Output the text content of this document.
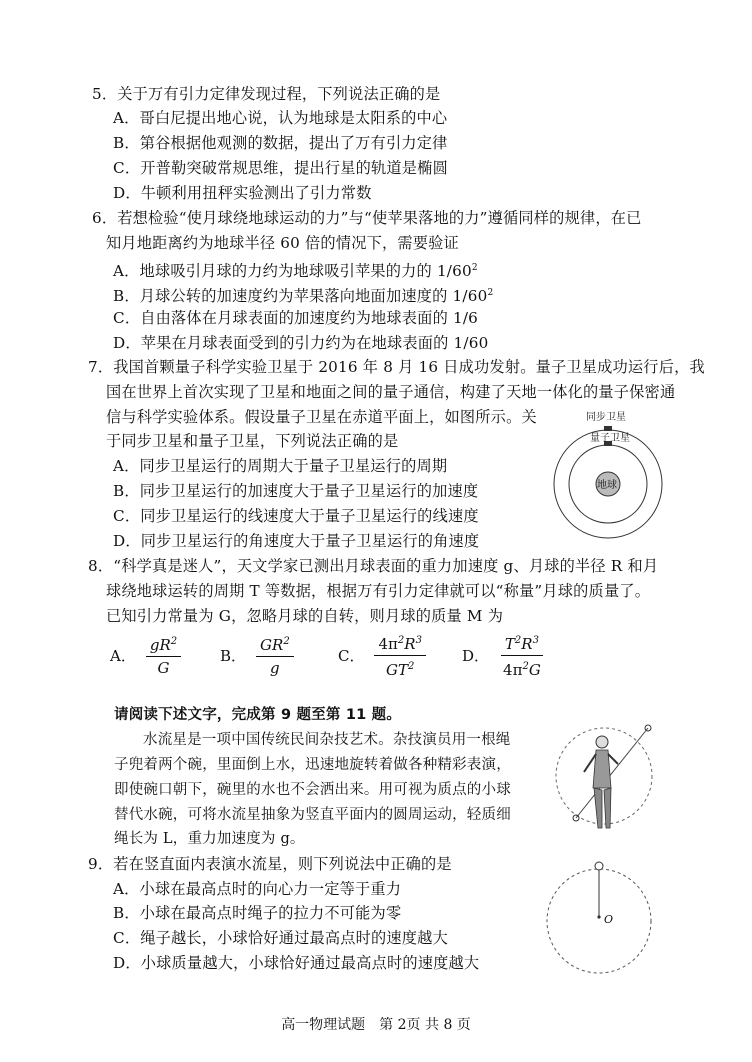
5．关于万有引力定律发现过程，下列说法正确的是
A．哥白尼提出地心说，认为地球是太阳系的中心
B．第谷根据他观测的数据，提出了万有引力定律
C．开普勒突破常规思维，提出行星的轨道是椭圆
D．牛顿利用扭秤实验测出了引力常数
6．若想检验“使月球绕地球运动的力”与“使苹果落地的力”遵循同样的规律，在已
知月地距离约为地球半径 60 倍的情况下，需要验证
A．地球吸引月球的力约为地球吸引苹果的力的 $1/60^2$
B．月球公转的加速度约为苹果落向地面加速度的 $1/60^2$
C．自由落体在月球表面的加速度约为地球表面的 1/6
D．苹果在月球表面受到的引力约为在地球表面的 1/60
7．我国首颗量子科学实验卫星于 2016 年 8 月 16 日成功发射。量子卫星成功运行后，我
国在世界上首次实现了卫星和地面之间的量子通信，构建了天地一体化的量子保密通
信与科学实验体系。假设量子卫星在赤道平面上，如图所示。关
于同步卫星和量子卫星，下列说法正确的是
A．同步卫星运行的周期大于量子卫星运行的周期
B．同步卫星运行的加速度大于量子卫星运行的加速度
C．同步卫星运行的线速度大于量子卫星运行的线速度
D．同步卫星运行的角速度大于量子卫星运行的角速度
同步卫星
量子卫星
地球
8．“科学真是迷人”，天文学家已测出月球表面的重力加速度 g、月球的半径 R 和月
球绕地球运转的周期 T 等数据，根据万有引力定律就可以“称量”月球的质量了。
已知引力常量为 G，忽略月球的自转，则月球的质量 M 为
A． $\frac{gR^2}{G}$	B． $\frac{GR^2}{g}$	C． $\frac{4\pi^2R^3}{GT^2}$ D． $\frac{T^2R^3}{4\pi^2G}$
请阅读下述文字，完成第 9 题至第 11 题。
水流星是一项中国传统民间杂技艺术。杂技演员用一根绳
子兜着两个碗，里面倒上水，迅速地旋转着做各种精彩表演，
即使碗口朝下，碗里的水也不会洒出来。用可视为质点的小球
替代水碗，可将水流星抽象为竖直平面内的圆周运动，轻质细
绳长为 L，重力加速度为 g。
9．若在竖直面内表演水流星，则下列说法中正确的是
A．小球在最高点时的向心力一定等于重力
B．小球在最高点时绳子的拉力不可能为零
C．绳子越长，小球恰好通过最高点时的速度越大
D．小球质量越大，小球恰好通过最高点时的速度越大
O
高一物理试题　第 2页 共 8 页
